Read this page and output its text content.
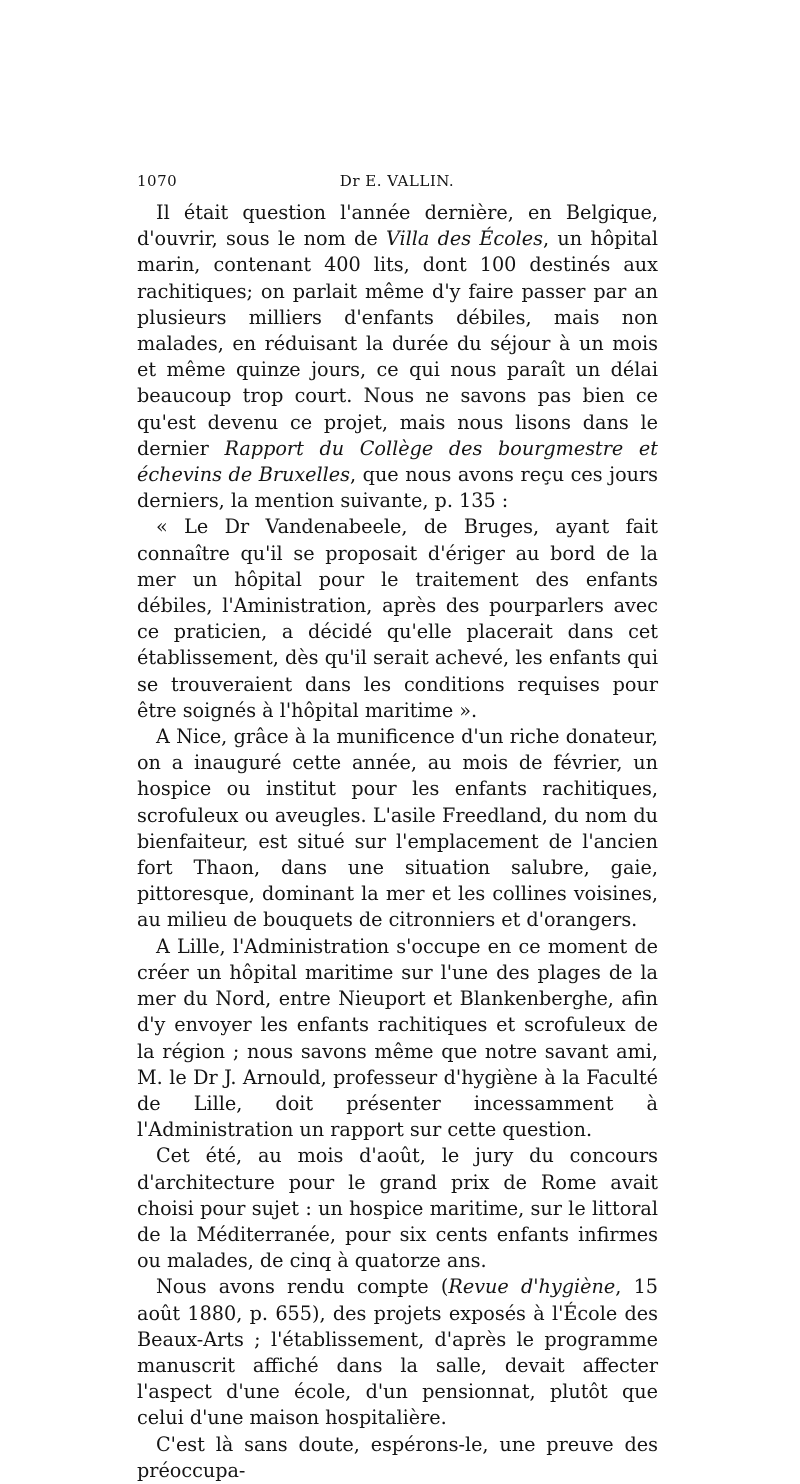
1070	Dr E. VALLIN.

Il était question l'année dernière, en Belgique, d'ouvrir, sous le nom de Villa des Écoles, un hôpital marin, contenant 400 lits, dont 100 destinés aux rachitiques; on parlait même d'y faire passer par an plusieurs milliers d'enfants débiles, mais non malades, en réduisant la durée du séjour à un mois et même quinze jours, ce qui nous paraît un délai beaucoup trop court. Nous ne savons pas bien ce qu'est devenu ce projet, mais nous lisons dans le dernier Rapport du Collège des bourgmestre et échevins de Bruxelles, que nous avons reçu ces jours derniers, la mention suivante, p. 135 :

« Le Dr Vandenabeele, de Bruges, ayant fait connaître qu'il se proposait d'ériger au bord de la mer un hôpital pour le traitement des enfants débiles, l'Aministration, après des pourparlers avec ce praticien, a décidé qu'elle placerait dans cet établissement, dès qu'il serait achevé, les enfants qui se trouveraient dans les conditions requises pour être soignés à l'hôpital maritime ».

A Nice, grâce à la munificence d'un riche donateur, on a inauguré cette année, au mois de février, un hospice ou institut pour les enfants rachitiques, scrofuleux ou aveugles. L'asile Freedland, du nom du bienfaiteur, est situé sur l'emplacement de l'ancien fort Thaon, dans une situation salubre, gaie, pittoresque, dominant la mer et les collines voisines, au milieu de bouquets de citronniers et d'orangers.

A Lille, l'Administration s'occupe en ce moment de créer un hôpital maritime sur l'une des plages de la mer du Nord, entre Nieuport et Blankenberghe, afin d'y envoyer les enfants rachitiques et scrofuleux de la région ; nous savons même que notre savant ami, M. le Dr J. Arnould, professeur d'hygiène à la Faculté de Lille, doit présenter incessamment à l'Administration un rapport sur cette question.

Cet été, au mois d'août, le jury du concours d'architecture pour le grand prix de Rome avait choisi pour sujet : un hospice maritime, sur le littoral de la Méditerranée, pour six cents enfants infirmes ou malades, de cinq à quatorze ans.

Nous avons rendu compte (Revue d'hygiène, 15 août 1880, p. 655), des projets exposés à l'École des Beaux-Arts ; l'établissement, d'après le programme manuscrit affiché dans la salle, devait affecter l'aspect d'une école, d'un pensionnat, plutôt que celui d'une maison hospitalière.

C'est là sans doute, espérons-le, une preuve des préoccupa-
